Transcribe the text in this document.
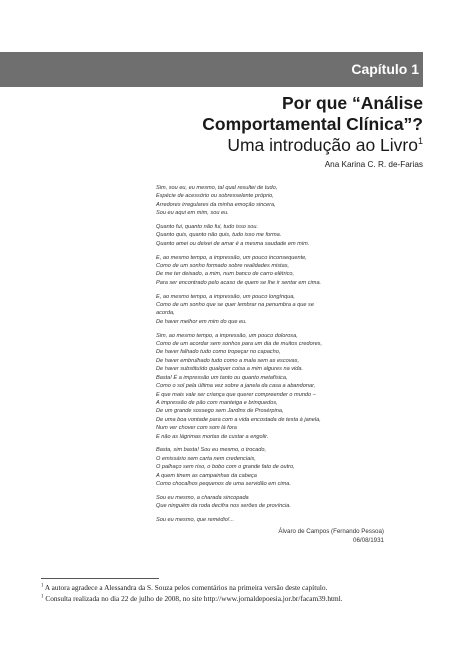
Capítulo 1
Por que “Análise
Comportamental Clínica”?
Uma introdução ao Livro$^1$
Ana Karina C. R. de-Farias
Sim, sou eu, eu mesmo, tal qual resultei de tudo,
Espécie de acessório ou sobresselente próprio,
Arredores irregulares da minha emoção sincera,
Sou eu aqui em mim, sou eu.
Quanto fui, quanto não fui, tudo isso sou.
Quanto quis, quanto não quis, tudo isso me forma.
Quanto amei ou deixei de amar é a mesma saudade em mim.
E, ao mesmo tempo, a impressão, um pouco inconsequente,
Como de um sonho formado sobre realidades mistas,
De me ter deixado, a mim, num banco de carro elétrico,
Para ser encontrado pelo acaso de quem se lhe ir sentar em cima.
E, ao mesmo tempo, a impressão, um pouco longínqua,
Como de um sonho que se quer lembrar na penumbra a que se
acorda,
De haver melhor em mim do que eu.
Sim, ao mesmo tempo, a impressão, um pouco dolorosa,
Como de um acordar sem sonhos para um dia de muitos credores,
De haver falhado tudo como tropeçar no capacho,
De haver embrulhado tudo como a mala sem as escovas,
De haver substituído qualquer coisa a mim algures na vida.
Basta! É a impressão um tanto ou quanto metafísica,
Como o sol pela última vez sobre a janela da casa a abandonar,
E que mais vale ser criança que querer compreender o mundo –
A impressão de pão com manteiga e brinquedos,
De um grande sossego sem Jardins de Prosérpina,
De uma boa vontade para com a vida encostada de testa à janela,
Num ver chover com som lá fora
E não as lágrimas mortas de custar a engolir.
Basta, sim basta! Sou eu mesmo, o trocado,
O emissário sem carta nem credenciais,
O palhaço sem riso, o bobo com o grande fato de outro,
A quem tinem as campainhas da cabeça
Como chocalhos pequenos de uma servidão em cima.
Sou eu mesmo, a charada sincopada
Que ninguém da roda decifra nos serões de província.
Sou eu mesmo, que remédio!...
Álvaro de Campos (Fernando Pessoa)
06/08/1931
$^1$ A autora agradece a Alessandra da S. Souza pelos comentários na primeira versão deste capítulo.
$^1$ Consulta realizada no dia 22 de julho de 2008, no site http://www.jornaldepoesia.jor.br/facam39.html.
